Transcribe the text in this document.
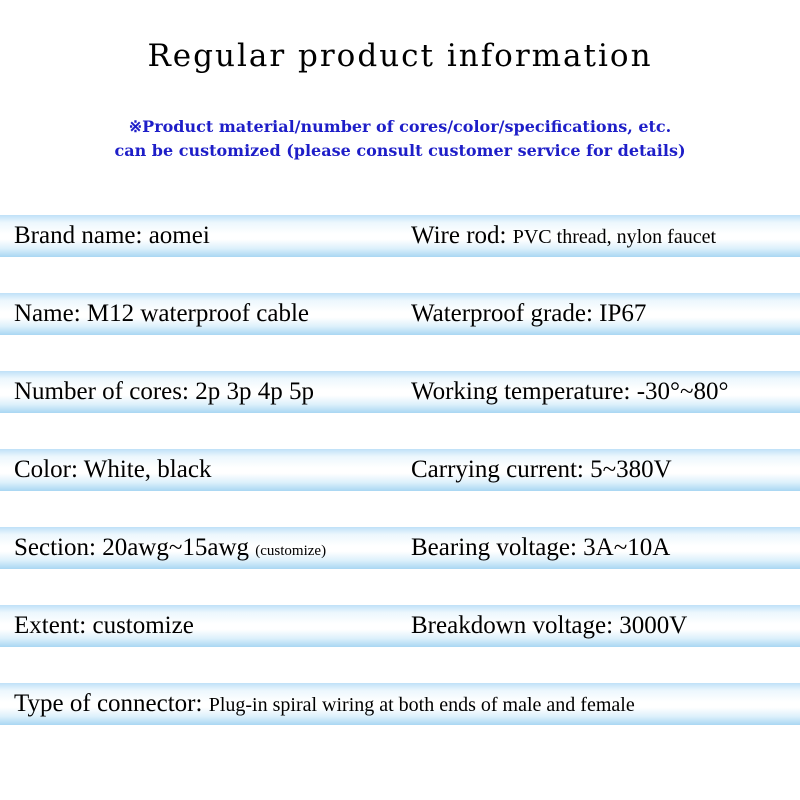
Regular product information
※Product material/number of cores/color/specifications, etc.
can be customized (please consult customer service for details)
Brand name: aomei	Wire rod: PVC thread, nylon faucet
Name: M12 waterproof cable	Waterproof grade: IP67
Number of cores: 2p 3p 4p 5p	Working temperature: -30°~80°
Color: White, black	Carrying current: 5~380V
Section: 20awg~15awg (customize)	Bearing voltage: 3A~10A
Extent: customize	Breakdown voltage: 3000V
Type of connector: Plug-in spiral wiring at both ends of male and female
